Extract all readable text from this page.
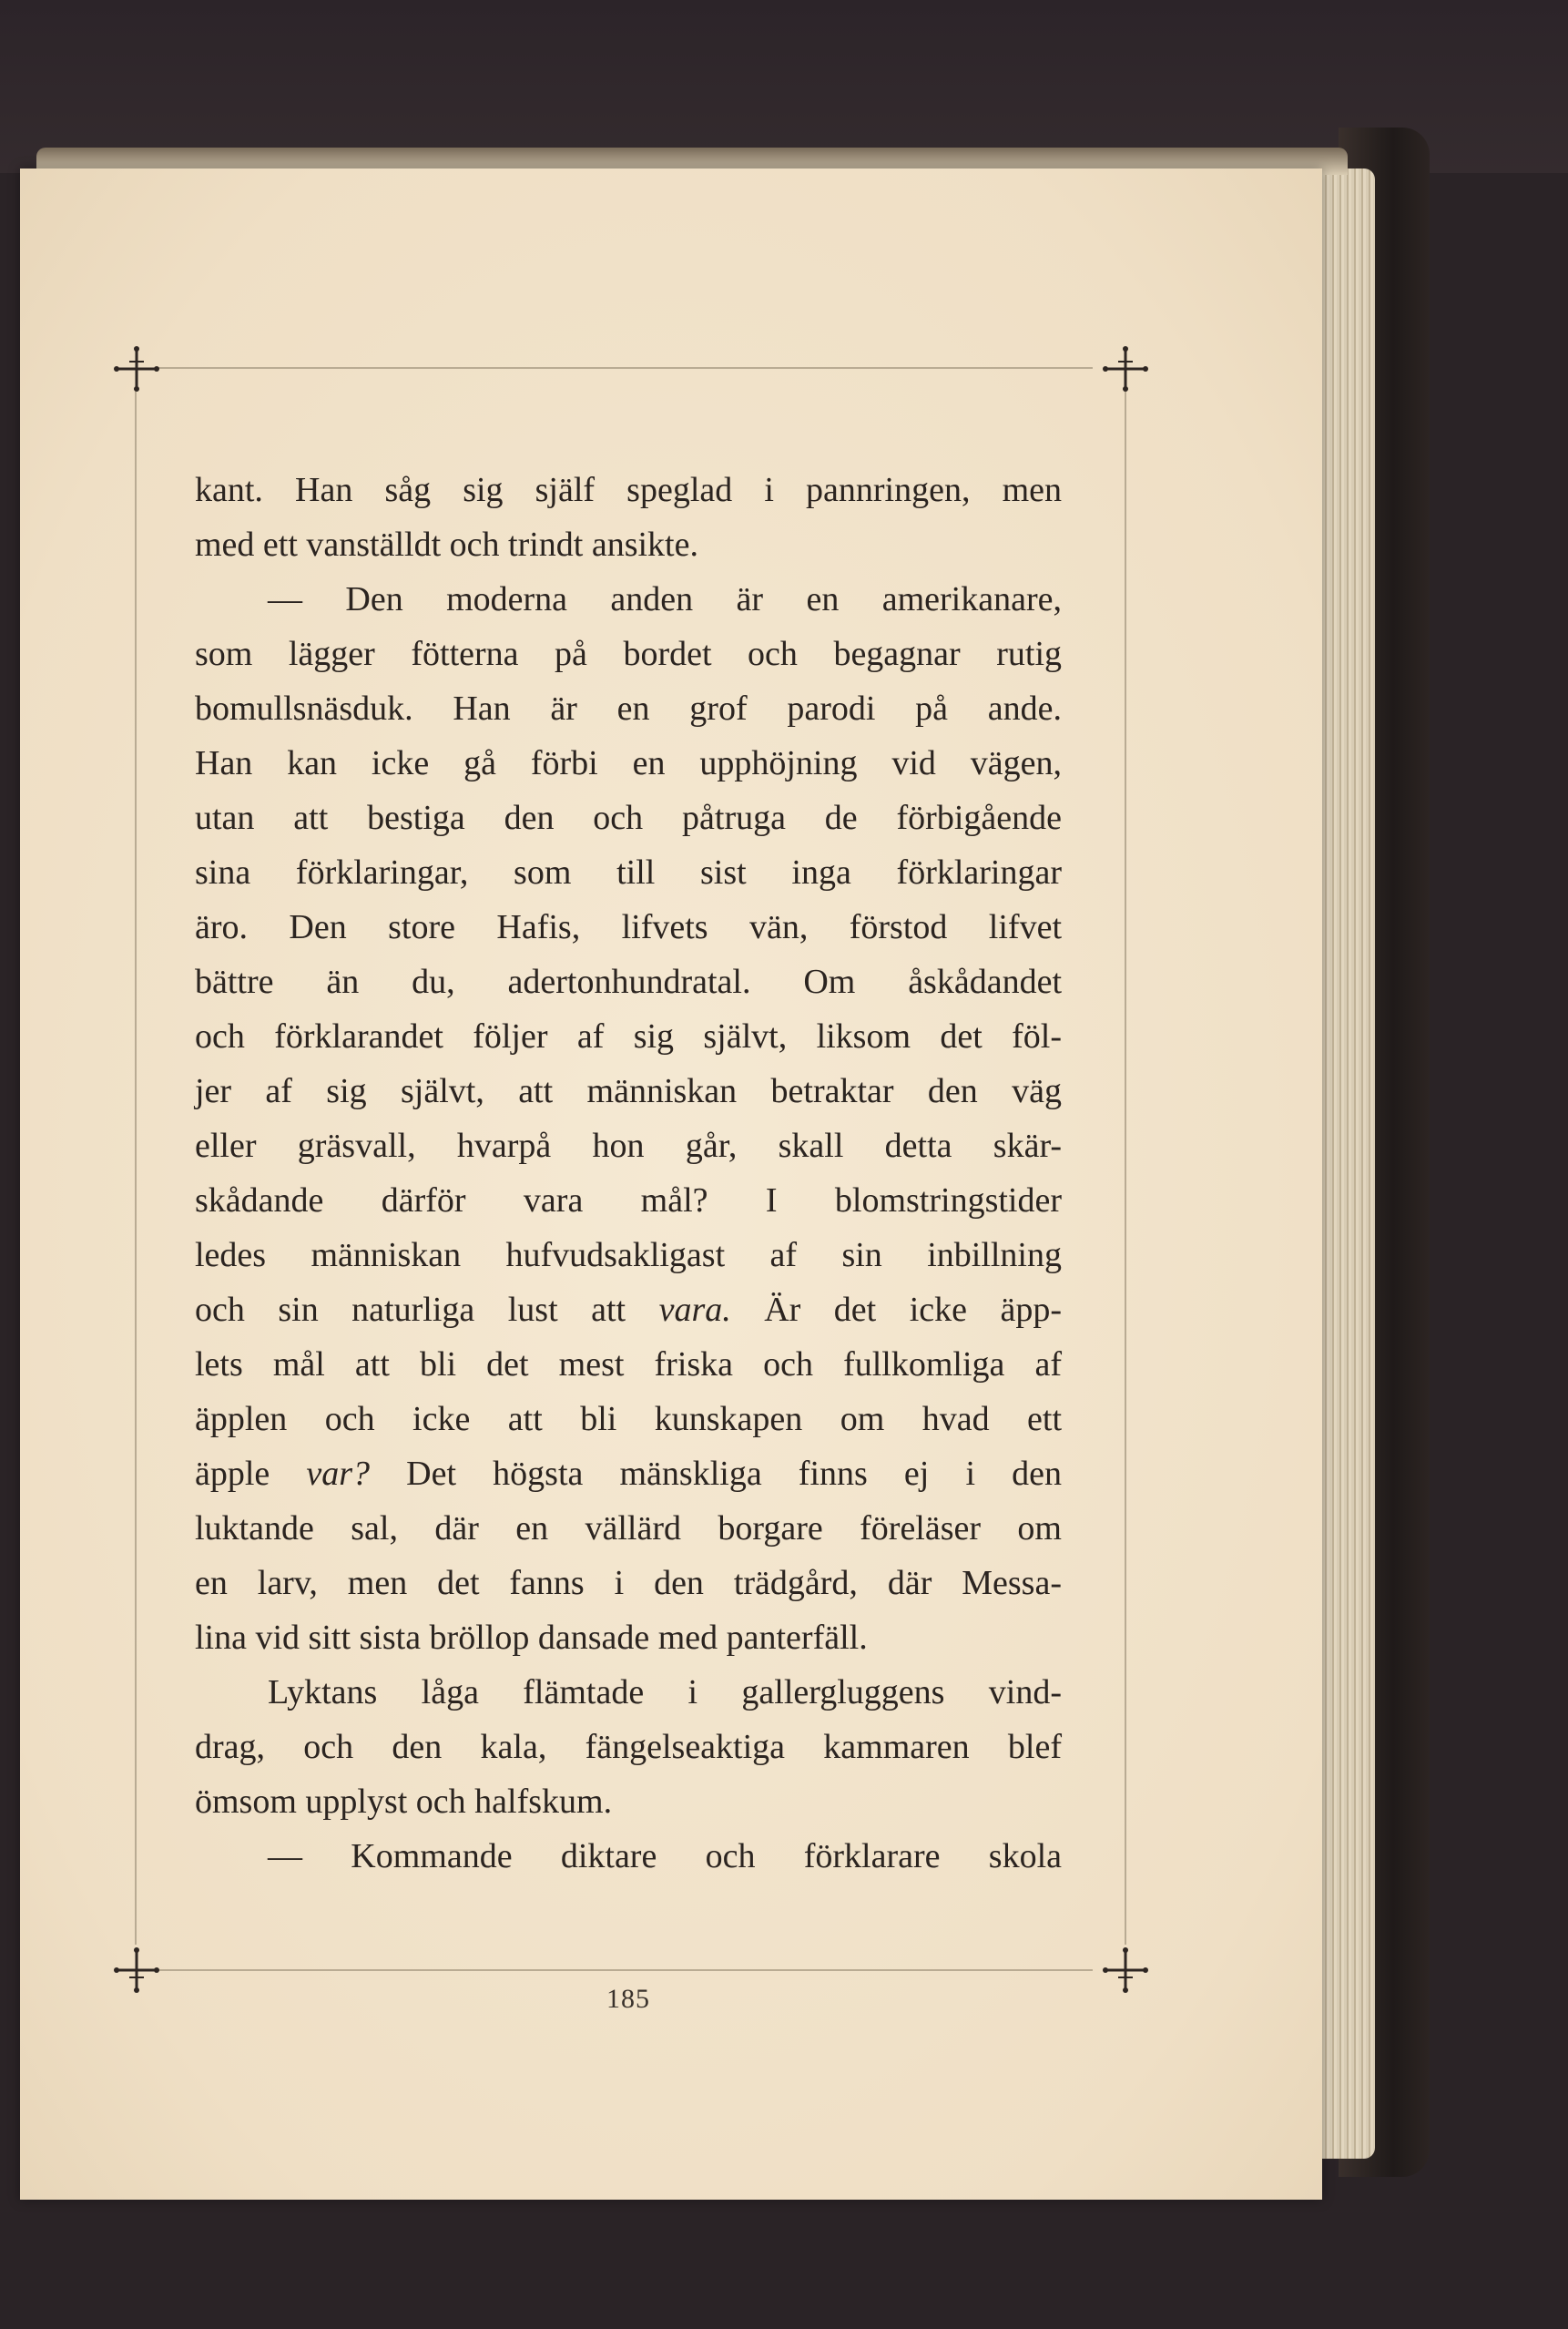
kant. Han såg sig själf speglad i pannringen, men
med ett vanställdt och trindt ansikte.
— Den moderna anden är en amerikanare,
som lägger fötterna på bordet och begagnar rutig
bomullsnäsduk. Han är en grof parodi på ande.
Han kan icke gå förbi en upphöjning vid vägen,
utan att bestiga den och påtruga de förbigående
sina förklaringar, som till sist inga förklaringar
äro. Den store Hafis, lifvets vän, förstod lifvet
bättre än du, adertonhundratal. Om åskådandet
och förklarandet följer af sig självt, liksom det föl-
jer af sig självt, att människan betraktar den väg
eller gräsvall, hvarpå hon går, skall detta skär-
skådande därför vara mål? I blomstringstider
ledes människan hufvudsakligast af sin inbillning
och sin naturliga lust att vara. Är det icke äpp-
lets mål att bli det mest friska och fullkomliga af
äpplen och icke att bli kunskapen om hvad ett
äpple var? Det högsta mänskliga finns ej i den
luktande sal, där en vällärd borgare föreläser om
en larv, men det fanns i den trädgård, där Messa-
lina vid sitt sista bröllop dansade med panterfäll.
Lyktans låga flämtade i gallergluggens vind-
drag, och den kala, fängelseaktiga kammaren blef
ömsom upplyst och halfskum.
— Kommande diktare och förklarare skola
185
